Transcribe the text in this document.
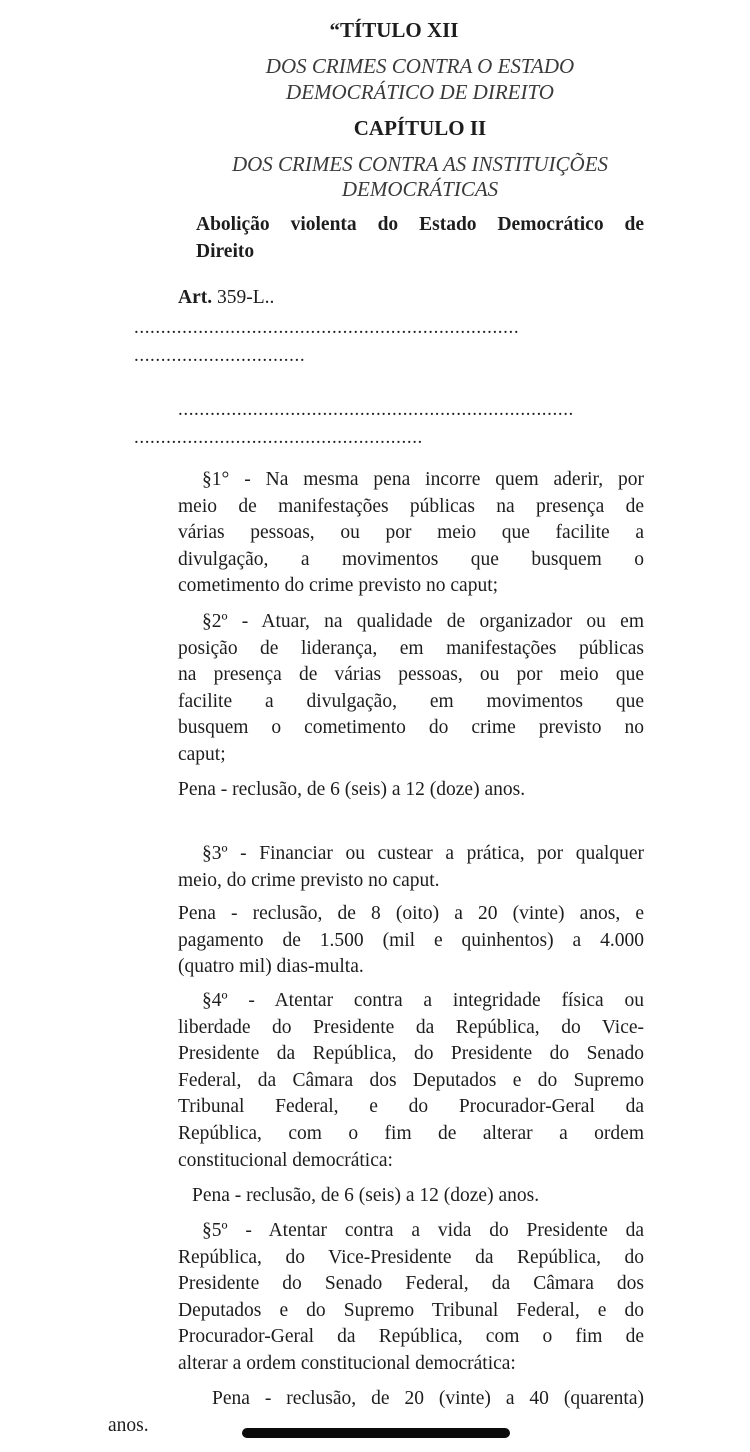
“TÍTULO XII
DOS CRIMES CONTRA O ESTADO
DEMOCRÁTICO DE DIREITO
CAPÍTULO II
DOS CRIMES CONTRA AS INSTITUIÇÕES
DEMOCRÁTICAS
Abolição violenta do Estado Democrático de
Direito
Art. 359-L..
........................................................................
................................
..........................................................................
......................................................
§1° - Na mesma pena incorre quem aderir, por
meio de manifestações públicas na presença de
várias pessoas, ou por meio que facilite a
divulgação, a movimentos que busquem o
cometimento do crime previsto no caput;
§2º - Atuar, na qualidade de organizador ou em
posição de liderança, em manifestações públicas
na presença de várias pessoas, ou por meio que
facilite a divulgação, em movimentos que
busquem o cometimento do crime previsto no
caput;
Pena - reclusão, de 6 (seis) a 12 (doze) anos.
§3º - Financiar ou custear a prática, por qualquer
meio, do crime previsto no caput.
Pena - reclusão, de 8 (oito) a 20 (vinte) anos, e
pagamento de 1.500 (mil e quinhentos) a 4.000
(quatro mil) dias-multa.
§4º - Atentar contra a integridade física ou
liberdade do Presidente da República, do Vice-
Presidente da República, do Presidente do Senado
Federal, da Câmara dos Deputados e do Supremo
Tribunal Federal, e do Procurador-Geral da
República, com o fim de alterar a ordem
constitucional democrática:
Pena - reclusão, de 6 (seis) a 12 (doze) anos.
§5º - Atentar contra a vida do Presidente da
República, do Vice-Presidente da República, do
Presidente do Senado Federal, da Câmara dos
Deputados e do Supremo Tribunal Federal, e do
Procurador-Geral da República, com o fim de
alterar a ordem constitucional democrática:
Pena - reclusão, de 20 (vinte) a 40 (quarenta)
anos.
